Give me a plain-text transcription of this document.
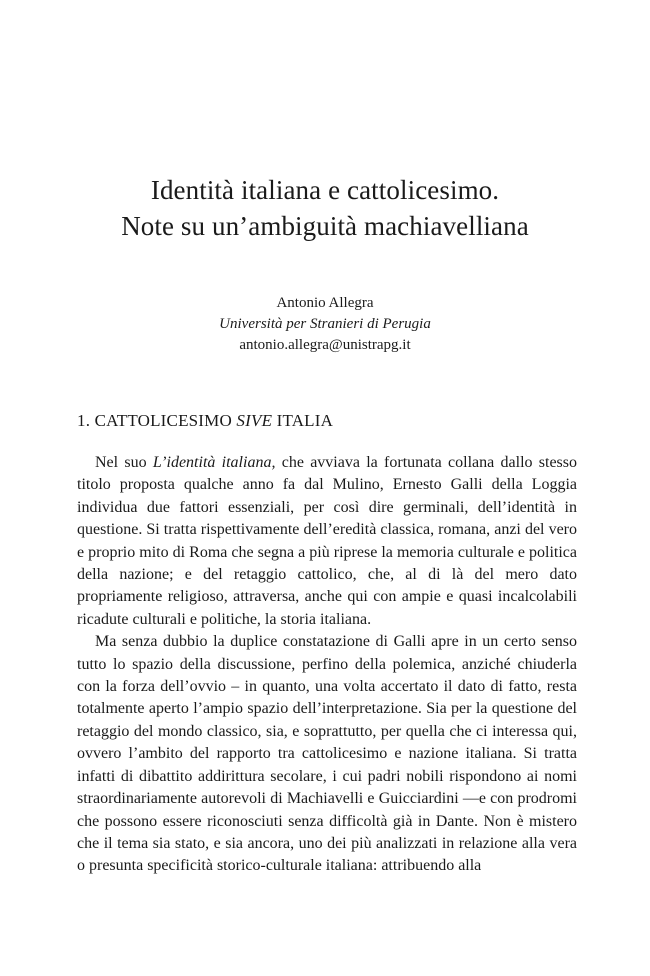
Identità italiana e cattolicesimo.
Note su un’ambiguità machiavelliana
Antonio Allegra
Università per Stranieri di Perugia
antonio.allegra@unistrapg.it
1. CATTOLICESIMO SIVE ITALIA

Nel suo L’identità italiana, che avviava la fortunata collana dallo stesso titolo proposta qualche anno fa dal Mulino, Ernesto Galli della Loggia individua due fattori essenziali, per così dire germinali, dell’identità in questione. Si tratta rispettivamente dell’eredità classica, romana, anzi del vero e proprio mito di Roma che segna a più riprese la memoria culturale e politica della nazione; e del retaggio cattolico, che, al di là del mero dato propriamente religioso, attraversa, anche qui con ampie e quasi incalcolabili ricadute culturali e politiche, la storia italiana.

Ma senza dubbio la duplice constatazione di Galli apre in un certo senso tutto lo spazio della discussione, perfino della polemica, anziché chiuderla con la forza dell’ovvio – in quanto, una volta accertato il dato di fatto, resta totalmente aperto l’ampio spazio dell’interpretazione. Sia per la questione del retaggio del mondo classico, sia, e soprattutto, per quella che ci interessa qui, ovvero l’ambito del rapporto tra cattolicesimo e nazione italiana. Si tratta infatti di dibattito addirittura secolare, i cui padri nobili rispondono ai nomi straordinariamente autorevoli di Machiavelli e Guicciardini —e con prodromi che possono essere riconosciuti senza difficoltà già in Dante. Non è mistero che il tema sia stato, e sia ancora, uno dei più analizzati in relazione alla vera o presunta specificità storico-culturale italiana: attribuendo alla
